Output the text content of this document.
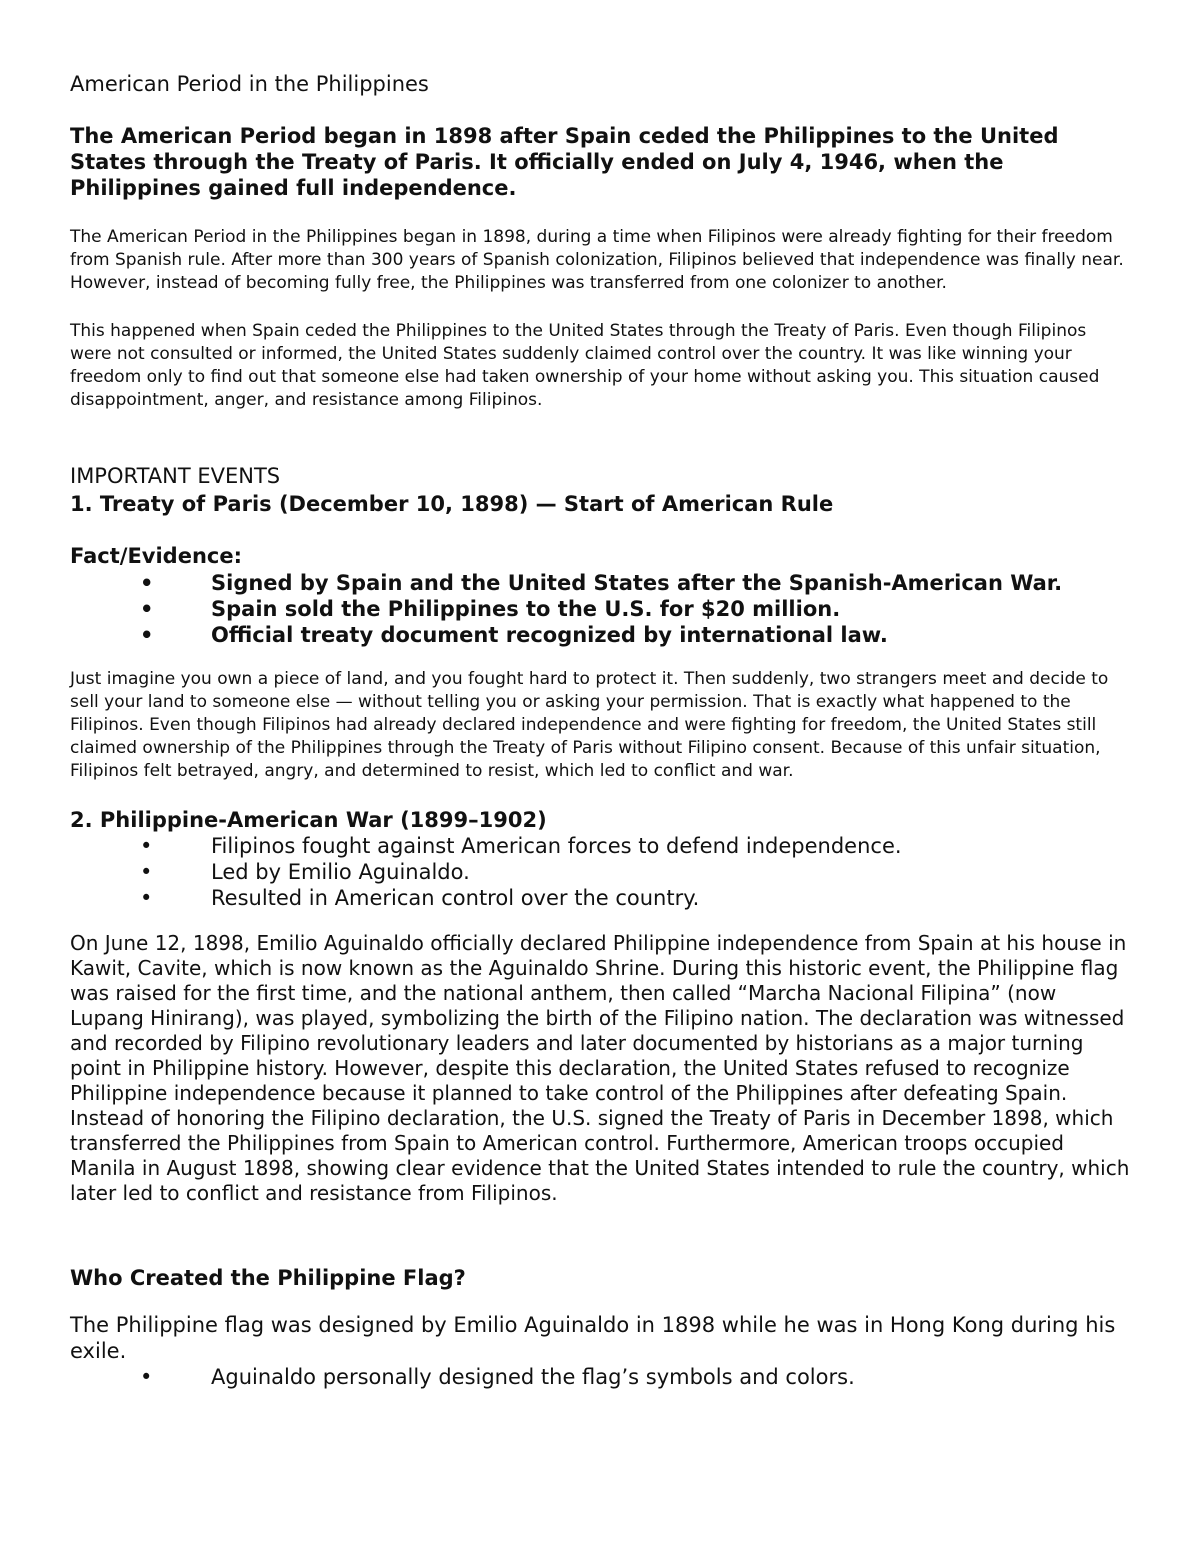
American Period in the Philippines

The American Period began in 1898 after Spain ceded the Philippines to the United States through the Treaty of Paris. It officially ended on July 4, 1946, when the Philippines gained full independence.

The American Period in the Philippines began in 1898, during a time when Filipinos were already fighting for their freedom from Spanish rule. After more than 300 years of Spanish colonization, Filipinos believed that independence was finally near. However, instead of becoming fully free, the Philippines was transferred from one colonizer to another.

This happened when Spain ceded the Philippines to the United States through the Treaty of Paris. Even though Filipinos were not consulted or informed, the United States suddenly claimed control over the country. It was like winning your freedom only to find out that someone else had taken ownership of your home without asking you. This situation caused disappointment, anger, and resistance among Filipinos.

IMPORTANT EVENTS
1. Treaty of Paris (December 10, 1898) — Start of American Rule

Fact/Evidence:

•	Signed by Spain and the United States after the Spanish-American War.
•	Spain sold the Philippines to the U.S. for $20 million.
•	Official treaty document recognized by international law.

Just imagine you own a piece of land, and you fought hard to protect it. Then suddenly, two strangers meet and decide to sell your land to someone else — without telling you or asking your permission. That is exactly what happened to the Filipinos. Even though Filipinos had already declared independence and were fighting for freedom, the United States still claimed ownership of the Philippines through the Treaty of Paris without Filipino consent. Because of this unfair situation, Filipinos felt betrayed, angry, and determined to resist, which led to conflict and war.

2. Philippine-American War (1899–1902)
•	Filipinos fought against American forces to defend independence.
•	Led by Emilio Aguinaldo.
•	Resulted in American control over the country.

On June 12, 1898, Emilio Aguinaldo officially declared Philippine independence from Spain at his house in Kawit, Cavite, which is now known as the Aguinaldo Shrine. During this historic event, the Philippine flag was raised for the first time, and the national anthem, then called “Marcha Nacional Filipina” (now Lupang Hinirang), was played, symbolizing the birth of the Filipino nation. The declaration was witnessed and recorded by Filipino revolutionary leaders and later documented by historians as a major turning point in Philippine history. However, despite this declaration, the United States refused to recognize Philippine independence because it planned to take control of the Philippines after defeating Spain. Instead of honoring the Filipino declaration, the U.S. signed the Treaty of Paris in December 1898, which transferred the Philippines from Spain to American control. Furthermore, American troops occupied Manila in August 1898, showing clear evidence that the United States intended to rule the country, which later led to conflict and resistance from Filipinos.

Who Created the Philippine Flag?

The Philippine flag was designed by Emilio Aguinaldo in 1898 while he was in Hong Kong during his exile.

•	Aguinaldo personally designed the flag’s symbols and colors.
